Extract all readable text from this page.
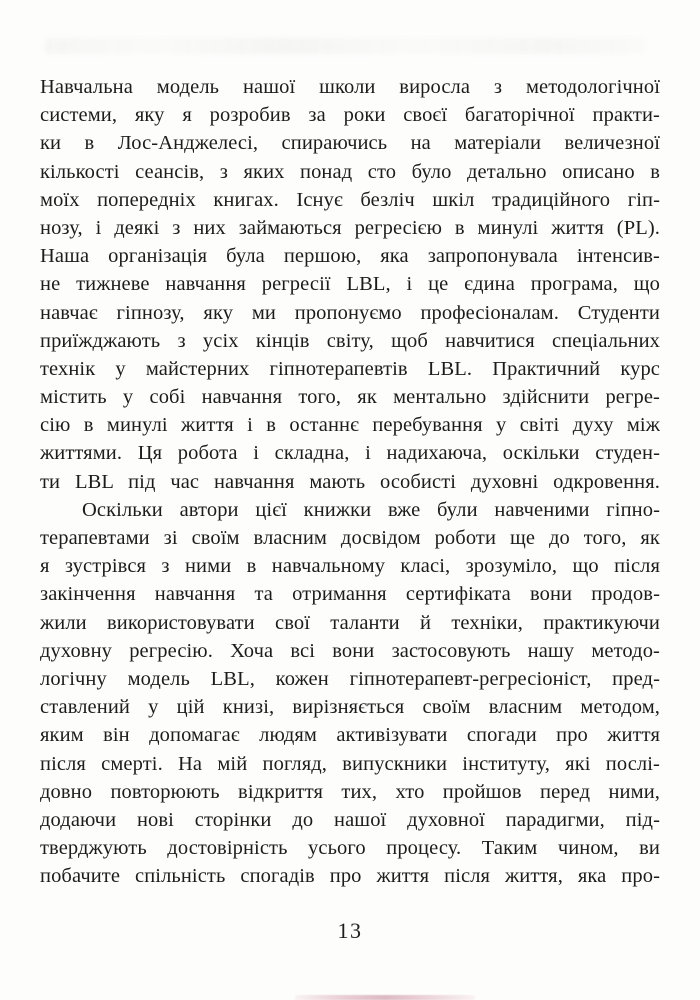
Навчальна модель нашої школи виросла з методологічної
системи, яку я розробив за роки своєї багаторічної практи-
ки в Лос-Анджелесі, спираючись на матеріали величезної
кількості сеансів, з яких понад сто було детально описано в
моїх попередніх книгах. Існує безліч шкіл традиційного гіп-
нозу, і деякі з них займаються регресією в минулі життя (PL).
Наша організація була першою, яка запропонувала інтенсив-
не тижневе навчання регресії LBL, і це єдина програма, що
навчає гіпнозу, яку ми пропонуємо професіоналам. Студенти
приїжджають з усіх кінців світу, щоб навчитися спеціальних
технік у майстерних гіпнотерапевтів LBL. Практичний курс
містить у собі навчання того, як ментально здійснити регре-
сію в минулі життя і в останнє перебування у світі духу між
життями. Ця робота і складна, і надихаюча, оскільки студен-
ти LBL під час навчання мають особисті духовні одкровення.
Оскільки автори цієї книжки вже були навченими гіпно-
терапевтами зі своїм власним досвідом роботи ще до того, як
я зустрівся з ними в навчальному класі, зрозуміло, що після
закінчення навчання та отримання сертифіката вони продов-
жили використовувати свої таланти й техніки, практикуючи
духовну регресію. Хоча всі вони застосовують нашу методо-
логічну модель LBL, кожен гіпнотерапевт-регресіоніст, пред-
ставлений у цій книзі, вирізняється своїм власним методом,
яким він допомагає людям активізувати спогади про життя
після смерті. На мій погляд, випускники інституту, які послі-
довно повторюють відкриття тих, хто пройшов перед ними,
додаючи нові сторінки до нашої духовної парадигми, під-
тверджують достовірність усього процесу. Таким чином, ви
побачите спільність спогадів про життя після життя, яка про-
13
